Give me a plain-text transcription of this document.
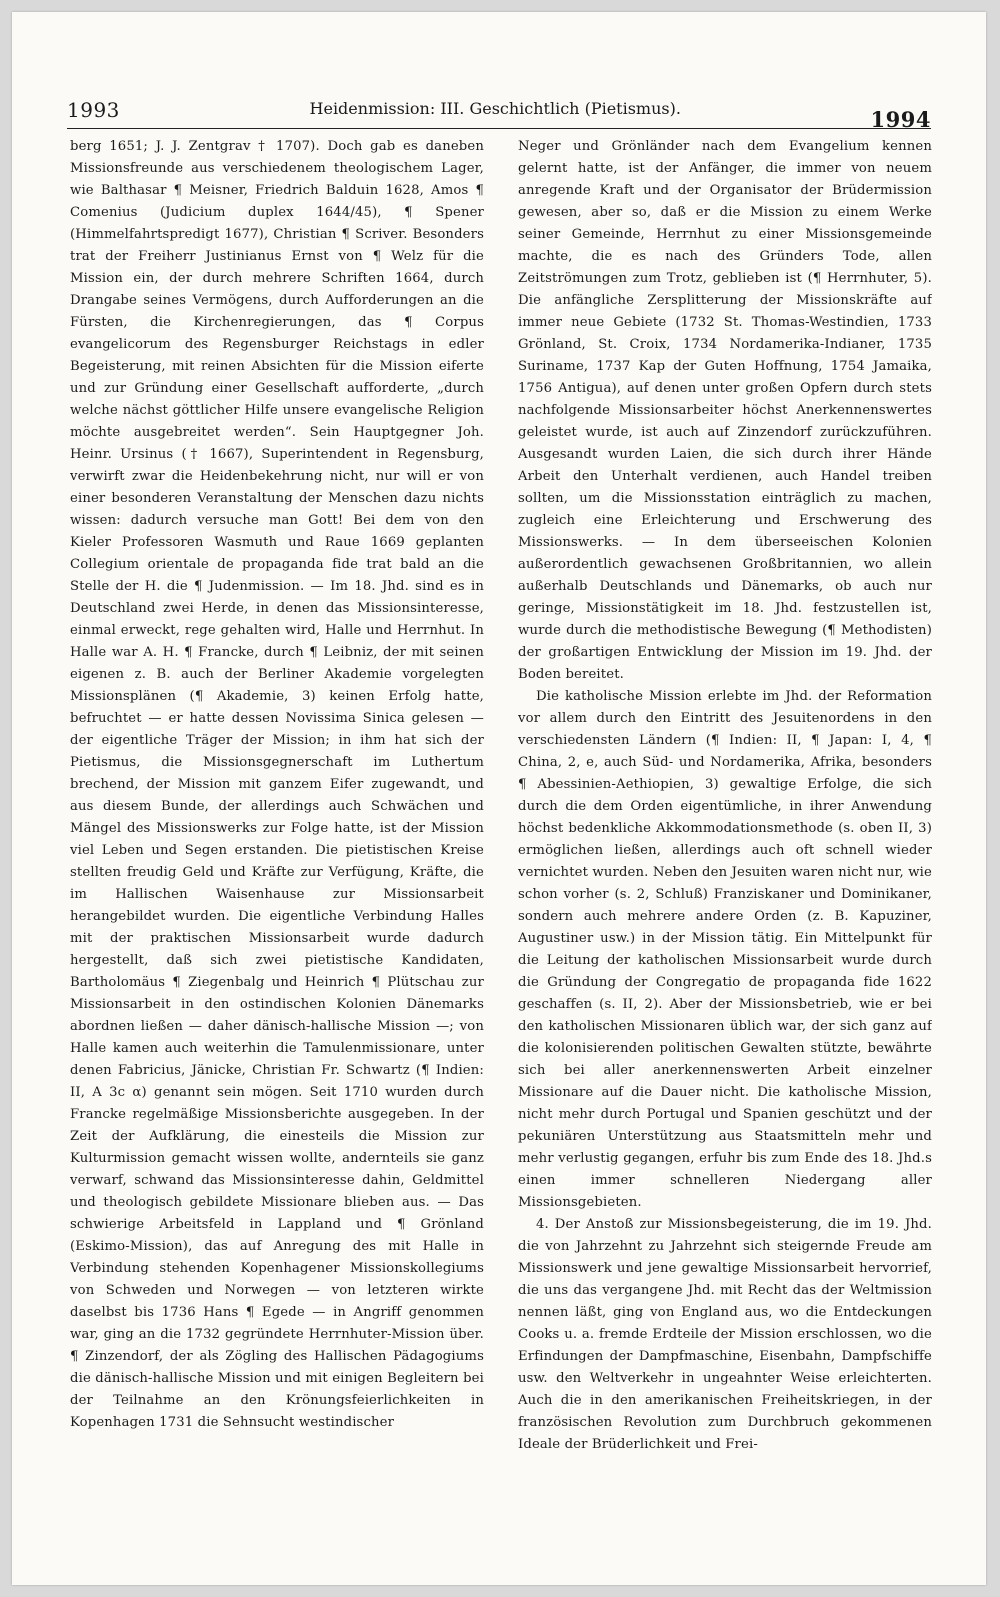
1993	Heidenmission: III. Geschichtlich (Pietismus).	1994

berg 1651; J. J. Zentgrav † 1707). Doch gab es daneben Missionsfreunde aus verschiedenem theologischem Lager, wie Balthasar ¶ Meisner, Friedrich Balduin 1628, Amos ¶ Comenius (Judicium duplex 1644/45), ¶ Spener (Himmelfahrtspredigt 1677), Christian ¶ Scriver. Besonders trat der Freiherr Justinianus Ernst von ¶ Welz für die Mission ein, der durch mehrere Schriften 1664, durch Drangabe seines Vermögens, durch Aufforderungen an die Fürsten, die Kirchenregierungen, das ¶ Corpus evangelicorum des Regensburger Reichstags in edler Begeisterung, mit reinen Absichten für die Mission eiferte und zur Gründung einer Gesellschaft aufforderte, „durch welche nächst göttlicher Hilfe unsere evangelische Religion möchte ausgebreitet werden“. Sein Hauptgegner Joh. Heinr. Ursinus († 1667), Superintendent in Regensburg, verwirft zwar die Heidenbekehrung nicht, nur will er von einer besonderen Veranstaltung der Menschen dazu nichts wissen: dadurch versuche man Gott! Bei dem von den Kieler Professoren Wasmuth und Raue 1669 geplanten Collegium orientale de propaganda fide trat bald an die Stelle der H. die ¶ Judenmission. — Im 18. Jhd. sind es in Deutschland zwei Herde, in denen das Missionsinteresse, einmal erweckt, rege gehalten wird, Halle und Herrnhut. In Halle war A. H. ¶ Francke, durch ¶ Leibniz, der mit seinen eigenen z. B. auch der Berliner Akademie vorgelegten Missionsplänen (¶ Akademie, 3) keinen Erfolg hatte, befruchtet — er hatte dessen Novissima Sinica gelesen — der eigentliche Träger der Mission; in ihm hat sich der Pietismus, die Missionsgegnerschaft im Luthertum brechend, der Mission mit ganzem Eifer zugewandt, und aus diesem Bunde, der allerdings auch Schwächen und Mängel des Missionswerks zur Folge hatte, ist der Mission viel Leben und Segen erstanden. Die pietistischen Kreise stellten freudig Geld und Kräfte zur Verfügung, Kräfte, die im Hallischen Waisenhause zur Missionsarbeit herangebildet wurden. Die eigentliche Verbindung Halles mit der praktischen Missionsarbeit wurde dadurch hergestellt, daß sich zwei pietistische Kandidaten, Bartholomäus ¶ Ziegenbalg und Heinrich ¶ Plütschau zur Missionsarbeit in den ostindischen Kolonien Dänemarks abordnen ließen — daher dänisch-hallische Mission —; von Halle kamen auch weiterhin die Tamulenmissionare, unter denen Fabricius, Jänicke, Christian Fr. Schwartz (¶ Indien: II, A 3c α) genannt sein mögen. Seit 1710 wurden durch Francke regelmäßige Missionsberichte ausgegeben. In der Zeit der Aufklärung, die einesteils die Mission zur Kulturmission gemacht wissen wollte, andernteils sie ganz verwarf, schwand das Missionsinteresse dahin, Geldmittel und theologisch gebildete Missionare blieben aus. — Das schwierige Arbeitsfeld in Lappland und ¶ Grönland (Eskimo-Mission), das auf Anregung des mit Halle in Verbindung stehenden Kopenhagener Missionskollegiums von Schweden und Norwegen — von letzteren wirkte daselbst bis 1736 Hans ¶ Egede — in Angriff genommen war, ging an die 1732 gegründete Herrnhuter-Mission über. ¶ Zinzendorf, der als Zögling des Hallischen Pädagogiums die dänisch-hallische Mission und mit einigen Begleitern bei der Teilnahme an den Krönungsfeierlichkeiten in Kopenhagen 1731 die Sehnsucht westindischer

Neger und Grönländer nach dem Evangelium kennen gelernt hatte, ist der Anfänger, die immer von neuem anregende Kraft und der Organisator der Brüdermission gewesen, aber so, daß er die Mission zu einem Werke seiner Gemeinde, Herrnhut zu einer Missionsgemeinde machte, die es nach des Gründers Tode, allen Zeitströmungen zum Trotz, geblieben ist (¶ Herrnhuter, 5). Die anfängliche Zersplitterung der Missionskräfte auf immer neue Gebiete (1732 St. Thomas-Westindien, 1733 Grönland, St. Croix, 1734 Nordamerika-Indianer, 1735 Suriname, 1737 Kap der Guten Hoffnung, 1754 Jamaika, 1756 Antigua), auf denen unter großen Opfern durch stets nachfolgende Missionsarbeiter höchst Anerkennenswertes geleistet wurde, ist auch auf Zinzendorf zurückzuführen. Ausgesandt wurden Laien, die sich durch ihrer Hände Arbeit den Unterhalt verdienen, auch Handel treiben sollten, um die Missionsstation einträglich zu machen, zugleich eine Erleichterung und Erschwerung des Missionswerks. — In dem überseeischen Kolonien außerordentlich gewachsenen Großbritannien, wo allein außerhalb Deutschlands und Dänemarks, ob auch nur geringe, Missionstätigkeit im 18. Jhd. festzustellen ist, wurde durch die methodistische Bewegung (¶ Methodisten) der großartigen Entwicklung der Mission im 19. Jhd. der Boden bereitet.

Die katholische Mission erlebte im Jhd. der Reformation vor allem durch den Eintritt des Jesuitenordens in den verschiedensten Ländern (¶ Indien: II, ¶ Japan: I, 4, ¶ China, 2, e, auch Süd- und Nordamerika, Afrika, besonders ¶ Abessinien-Aethiopien, 3) gewaltige Erfolge, die sich durch die dem Orden eigentümliche, in ihrer Anwendung höchst bedenkliche Akkommodationsmethode (s. oben II, 3) ermöglichen ließen, allerdings auch oft schnell wieder vernichtet wurden. Neben den Jesuiten waren nicht nur, wie schon vorher (s. 2, Schluß) Franziskaner und Dominikaner, sondern auch mehrere andere Orden (z. B. Kapuziner, Augustiner usw.) in der Mission tätig. Ein Mittelpunkt für die Leitung der katholischen Missionsarbeit wurde durch die Gründung der Congregatio de propaganda fide 1622 geschaffen (s. II, 2). Aber der Missionsbetrieb, wie er bei den katholischen Missionaren üblich war, der sich ganz auf die kolonisierenden politischen Gewalten stützte, bewährte sich bei aller anerkennenswerten Arbeit einzelner Missionare auf die Dauer nicht. Die katholische Mission, nicht mehr durch Portugal und Spanien geschützt und der pekuniären Unterstützung aus Staatsmitteln mehr und mehr verlustig gegangen, erfuhr bis zum Ende des 18. Jhd.s einen immer schnelleren Niedergang aller Missionsgebieten.

4. Der Anstoß zur Missionsbegeisterung, die im 19. Jhd. die von Jahrzehnt zu Jahrzehnt sich steigernde Freude am Missionswerk und jene gewaltige Missionsarbeit hervorrief, die uns das vergangene Jhd. mit Recht das der Weltmission nennen läßt, ging von England aus, wo die Entdeckungen Cooks u. a. fremde Erdteile der Mission erschlossen, wo die Erfindungen der Dampfmaschine, Eisenbahn, Dampfschiffe usw. den Weltverkehr in ungeahnter Weise erleichterten. Auch die in den amerikanischen Freiheitskriegen, in der französischen Revolution zum Durchbruch gekommenen Ideale der Brüderlichkeit und Frei-
